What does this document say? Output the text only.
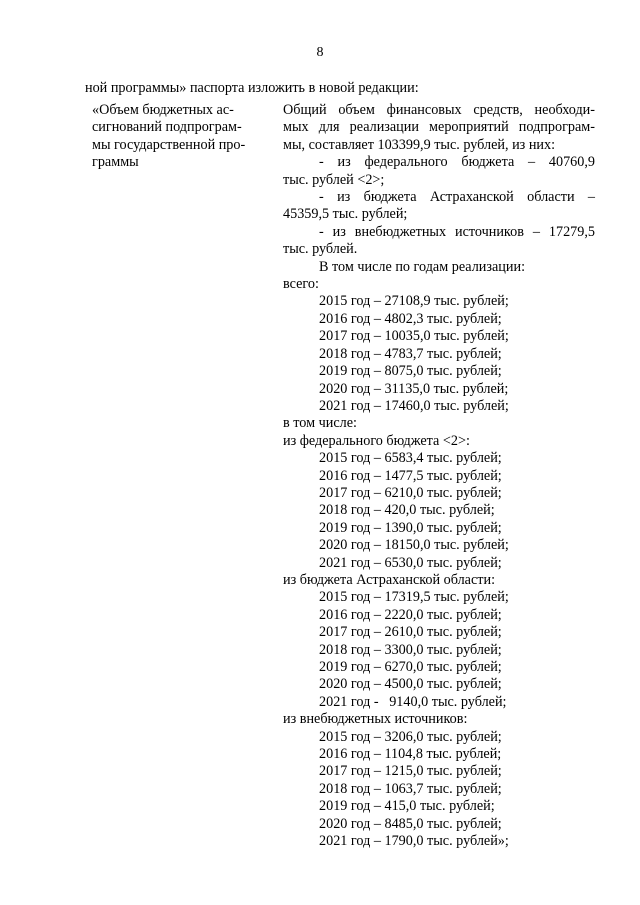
8
ной программы» паспорта изложить в новой редакции:
«Объем бюджетных ас-
сигнований подпрограм-
мы государственной про-
граммы
Общий объем финансовых средств, необходи-
мых для реализации мероприятий подпрограм-
мы, составляет 103399,9 тыс. рублей, из них:
- из федерального бюджета – 40760,9
тыс. рублей <2>;
- из бюджета Астраханской области –
45359,5 тыс. рублей;
- из внебюджетных источников – 17279,5
тыс. рублей.
В том числе по годам реализации:
всего:
2015 год – 27108,9 тыс. рублей;
2016 год – 4802,3 тыс. рублей;
2017 год – 10035,0 тыс. рублей;
2018 год – 4783,7 тыс. рублей;
2019 год – 8075,0 тыс. рублей;
2020 год – 31135,0 тыс. рублей;
2021 год – 17460,0 тыс. рублей;
в том числе:
из федерального бюджета <2>:
2015 год – 6583,4 тыс. рублей;
2016 год – 1477,5 тыс. рублей;
2017 год – 6210,0 тыс. рублей;
2018 год – 420,0 тыс. рублей;
2019 год – 1390,0 тыс. рублей;
2020 год – 18150,0 тыс. рублей;
2021 год – 6530,0 тыс. рублей;
из бюджета Астраханской области:
2015 год – 17319,5 тыс. рублей;
2016 год – 2220,0 тыс. рублей;
2017 год – 2610,0 тыс. рублей;
2018 год – 3300,0 тыс. рублей;
2019 год – 6270,0 тыс. рублей;
2020 год – 4500,0 тыс. рублей;
2021 год -   9140,0 тыс. рублей;
из внебюджетных источников:
2015 год – 3206,0 тыс. рублей;
2016 год – 1104,8 тыс. рублей;
2017 год – 1215,0 тыс. рублей;
2018 год – 1063,7 тыс. рублей;
2019 год – 415,0 тыс. рублей;
2020 год – 8485,0 тыс. рублей;
2021 год – 1790,0 тыс. рублей»;
